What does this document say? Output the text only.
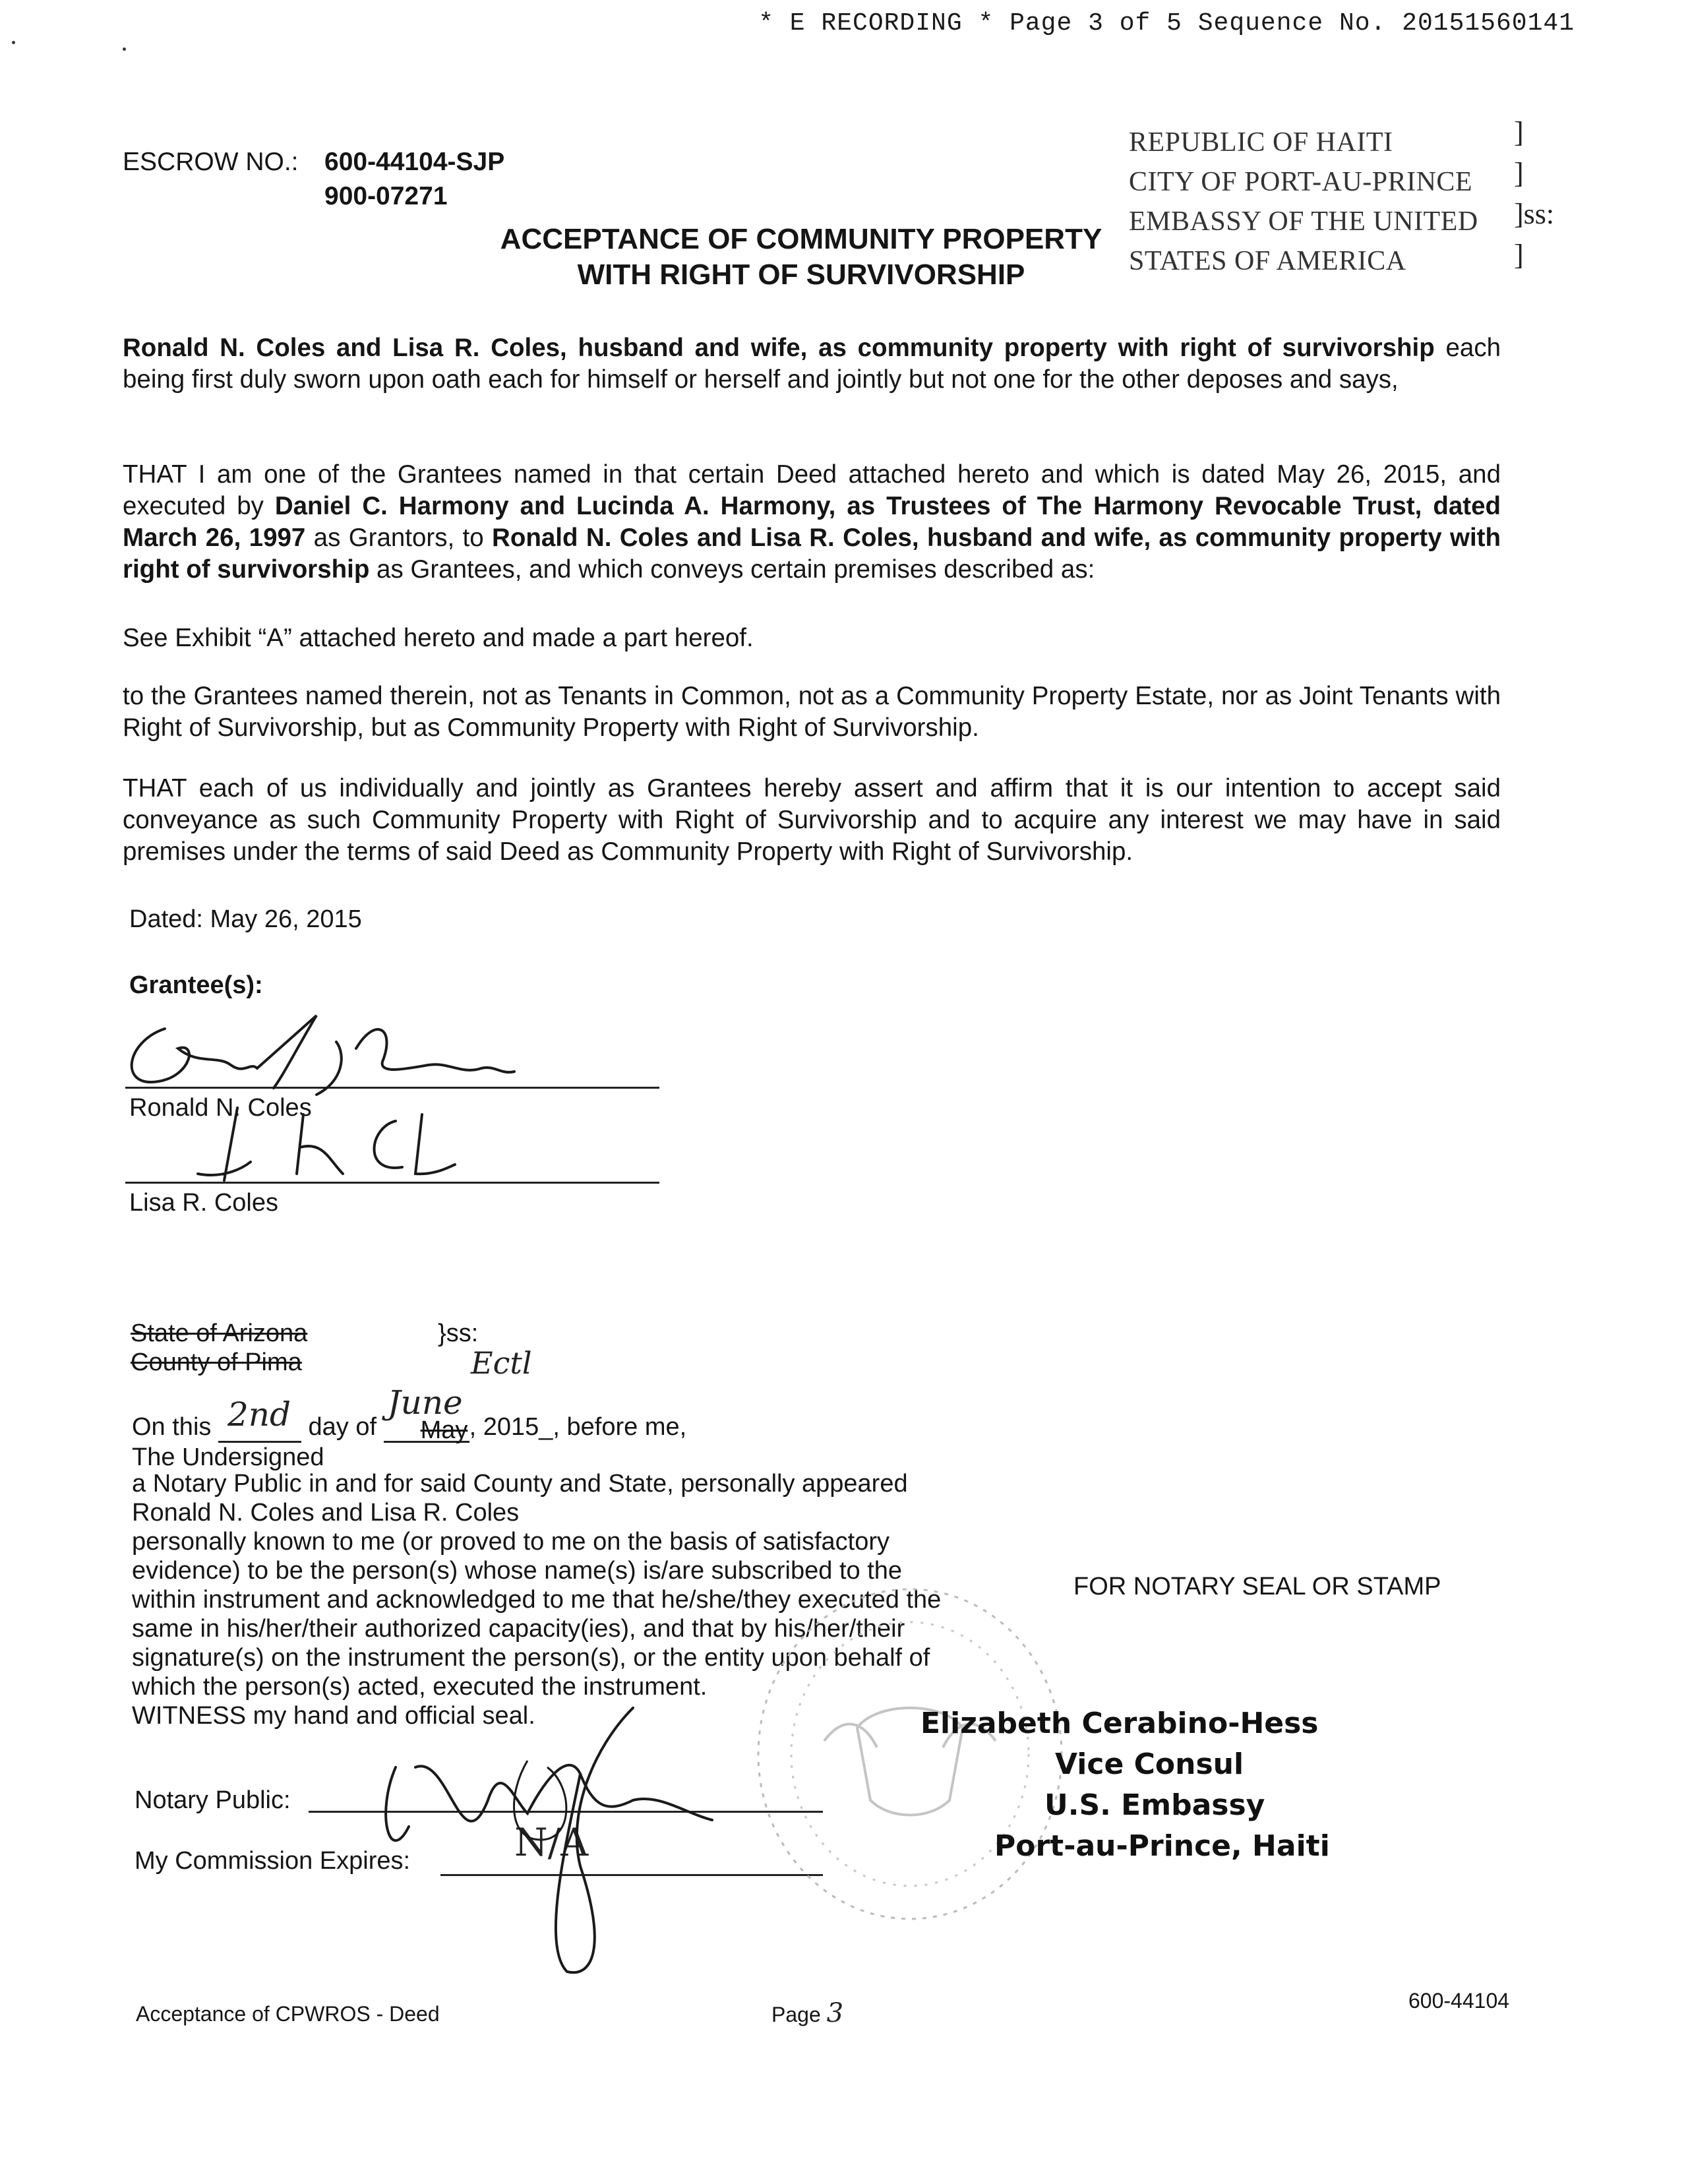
* E RECORDING * Page 3 of 5 Sequence No. 20151560141
ESCROW NO.: 600-44104-SJP
900-07271
REPUBLIC OF HAITI
CITY OF PORT-AU-PRINCE
EMBASSY OF THE UNITED
STATES OF AMERICA
]
]
]ss:
]
ACCEPTANCE OF COMMUNITY PROPERTY
WITH RIGHT OF SURVIVORSHIP
Ronald N. Coles and Lisa R. Coles, husband and wife, as community property with right of survivorship each being first duly sworn upon oath each for himself or herself and jointly but not one for the other deposes and says,
THAT I am one of the Grantees named in that certain Deed attached hereto and which is dated May 26, 2015, and executed by Daniel C. Harmony and Lucinda A. Harmony, as Trustees of The Harmony Revocable Trust, dated March 26, 1997 as Grantors, to Ronald N. Coles and Lisa R. Coles, husband and wife, as community property with right of survivorship as Grantees, and which conveys certain premises described as:
See Exhibit “A” attached hereto and made a part hereof.
to the Grantees named therein, not as Tenants in Common, not as a Community Property Estate, nor as Joint Tenants with Right of Survivorship, but as Community Property with Right of Survivorship.
THAT each of us individually and jointly as Grantees hereby assert and affirm that it is our intention to accept said conveyance as such Community Property with Right of Survivorship and to acquire any interest we may have in said premises under the terms of said Deed as Community Property with Right of Survivorship.
Dated: May 26, 2015
Grantee(s):
Ronald N. Coles
Lisa R. Coles
State of Arizona
County of Pima
}ss:
Ectl
On this 2nd day of
June
May , 2015_, before me,
The Undersigned
a Notary Public in and for said County and State, personally appeared
Ronald N. Coles and Lisa R. Coles
personally known to me (or proved to me on the basis of satisfactory
evidence) to be the person(s) whose name(s) is/are subscribed to the
within instrument and acknowledged to me that he/she/they executed the
same in his/her/their authorized capacity(ies), and that by his/her/their
signature(s) on the instrument the person(s), or the entity upon behalf of
which the person(s) acted, executed the instrument.
WITNESS my hand and official seal.
FOR NOTARY SEAL OR STAMP
Notary Public:
My Commission Expires:	N/A
Elizabeth Cerabino-Hess
Vice Consul
U.S. Embassy
Port-au-Prince, Haiti
Acceptance of CPWROS - Deed	Page 3	600-44104
